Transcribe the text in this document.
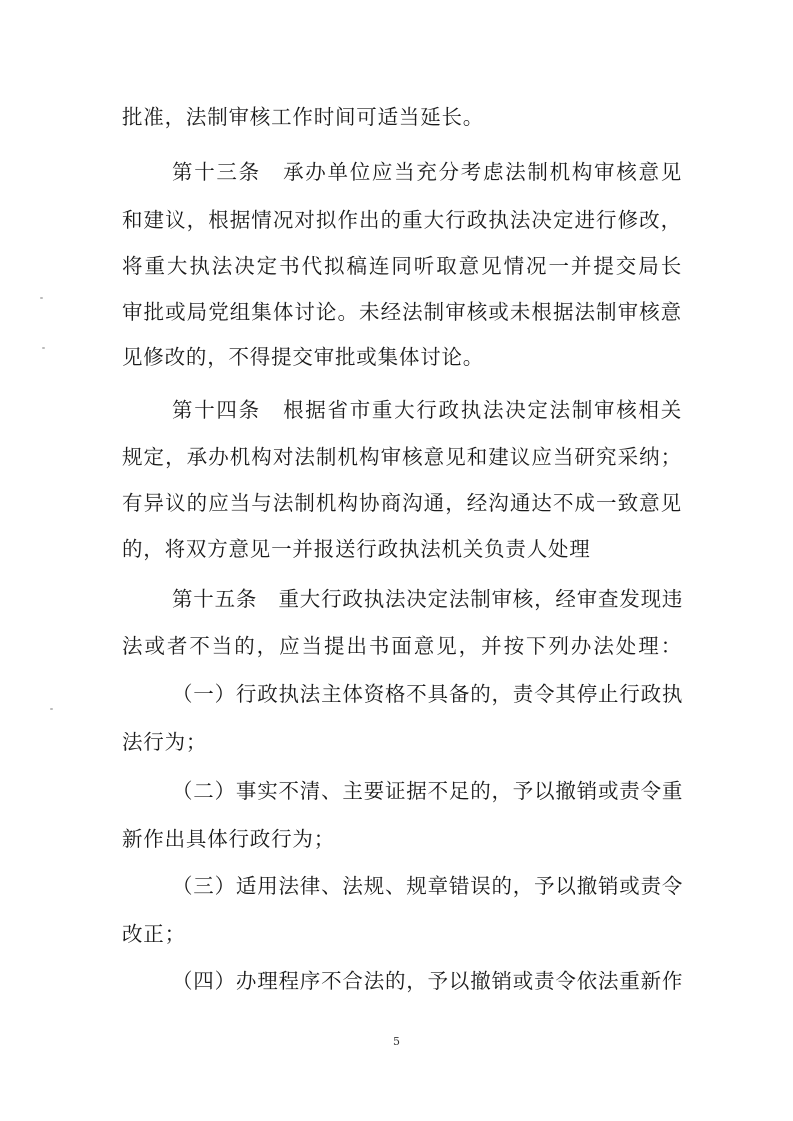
批准，法制审核工作时间可适当延长。
第十三条　承办单位应当充分考虑法制机构审核意见
和建议，根据情况对拟作出的重大行政执法决定进行修改，
将重大执法决定书代拟稿连同听取意见情况一并提交局长
审批或局党组集体讨论。未经法制审核或未根据法制审核意
见修改的，不得提交审批或集体讨论。
第十四条　根据省市重大行政执法决定法制审核相关
规定，承办机构对法制机构审核意见和建议应当研究采纳；
有异议的应当与法制机构协商沟通，经沟通达不成一致意见
的，将双方意见一并报送行政执法机关负责人处理
第十五条　重大行政执法决定法制审核，经审查发现违
法或者不当的，应当提出书面意见，并按下列办法处理：
（一）行政执法主体资格不具备的，责令其停止行政执
法行为；
（二）事实不清、主要证据不足的，予以撤销或责令重
新作出具体行政行为；
（三）适用法律、法规、规章错误的，予以撤销或责令
改正；
（四）办理程序不合法的，予以撤销或责令依法重新作
5
